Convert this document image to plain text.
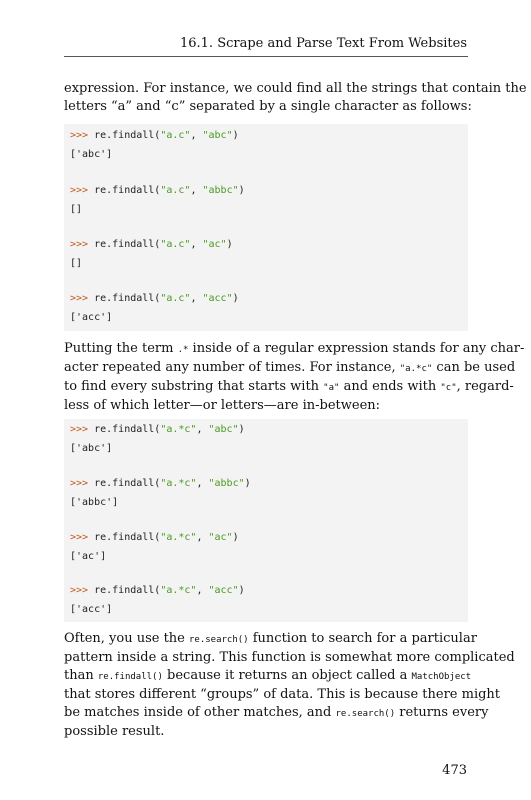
16.1. Scrape and Parse Text From Websites

expression. For instance, we could find all the strings that contain the
letters “a” and “c” separated by a single character as follows:

>>> re.findall("a.c", "abc")
['abc']
>>> re.findall("a.c", "abbc")
[]
>>> re.findall("a.c", "ac")
[]
>>> re.findall("a.c", "acc")
['acc']

Putting the term .* inside of a regular expression stands for any char-
acter repeated any number of times. For instance, "a.*c" can be used
to find every substring that starts with "a" and ends with "c", regard-
less of which letter—or letters—are in-between:

>>> re.findall("a.*c", "abc")
['abc']
>>> re.findall("a.*c", "abbc")
['abbc']
>>> re.findall("a.*c", "ac")
['ac']
>>> re.findall("a.*c", "acc")
['acc']

Often, you use the re.search() function to search for a particular
pattern inside a string. This function is somewhat more complicated
than re.findall() because it returns an object called a MatchObject
that stores different “groups” of data. This is because there might
be matches inside of other matches, and re.search() returns every
possible result.

473
